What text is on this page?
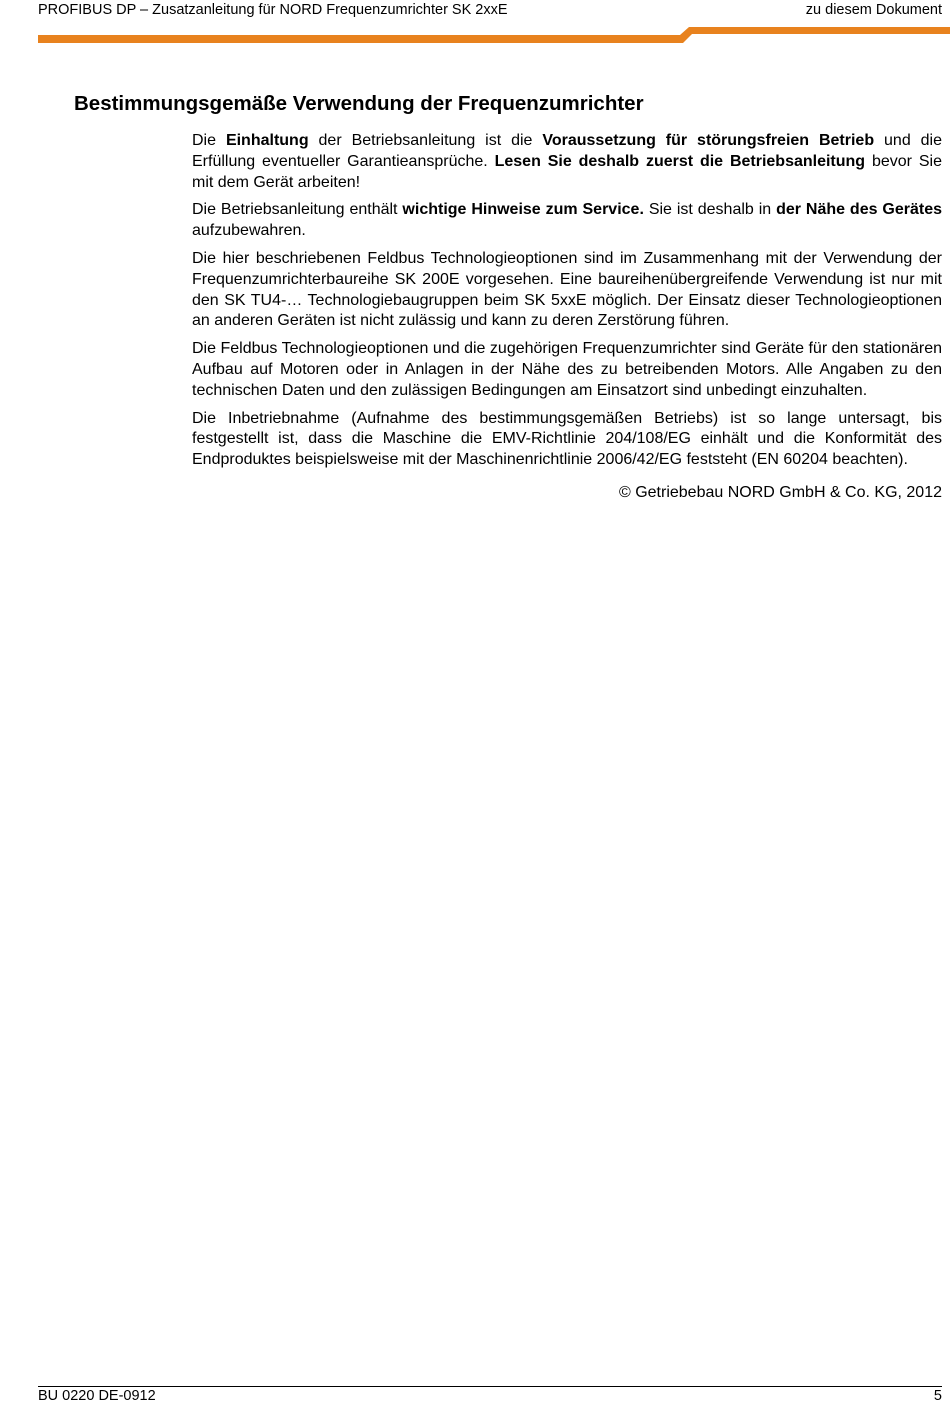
PROFIBUS DP – Zusatzanleitung für NORD Frequenzumrichter SK 2xxE	zu diesem Dokument
Bestimmungsgemäße Verwendung der Frequenzumrichter

Die Einhaltung der Betriebsanleitung ist die Voraussetzung für störungsfreien Betrieb und die Erfüllung eventueller Garantieansprüche. Lesen Sie deshalb zuerst die Betriebsanleitung bevor Sie mit dem Gerät arbeiten!

Die Betriebsanleitung enthält wichtige Hinweise zum Service. Sie ist deshalb in der Nähe des Gerätes aufzubewahren.

Die hier beschriebenen Feldbus Technologieoptionen sind im Zusammenhang mit der Verwendung der Frequenzumrichterbaureihe SK 200E vorgesehen. Eine baureihenübergreifende Verwendung ist nur mit den SK TU4-… Technologiebaugruppen beim SK 5xxE möglich. Der Einsatz dieser Technologieoptionen an anderen Geräten ist nicht zulässig und kann zu deren Zerstörung führen.

Die Feldbus Technologieoptionen und die zugehörigen Frequenzumrichter sind Geräte für den stationären Aufbau auf Motoren oder in Anlagen in der Nähe des zu betreibenden Motors. Alle Angaben zu den technischen Daten und den zulässigen Bedingungen am Einsatzort sind unbedingt einzuhalten.

Die Inbetriebnahme (Aufnahme des bestimmungsgemäßen Betriebs) ist so lange untersagt, bis festgestellt ist, dass die Maschine die EMV-Richtlinie 204/108/EG einhält und die Konformität des Endproduktes beispielsweise mit der Maschinenrichtlinie 2006/42/EG feststeht (EN 60204 beachten).

© Getriebebau NORD GmbH & Co. KG, 2012

BU 0220 DE-0912	5
